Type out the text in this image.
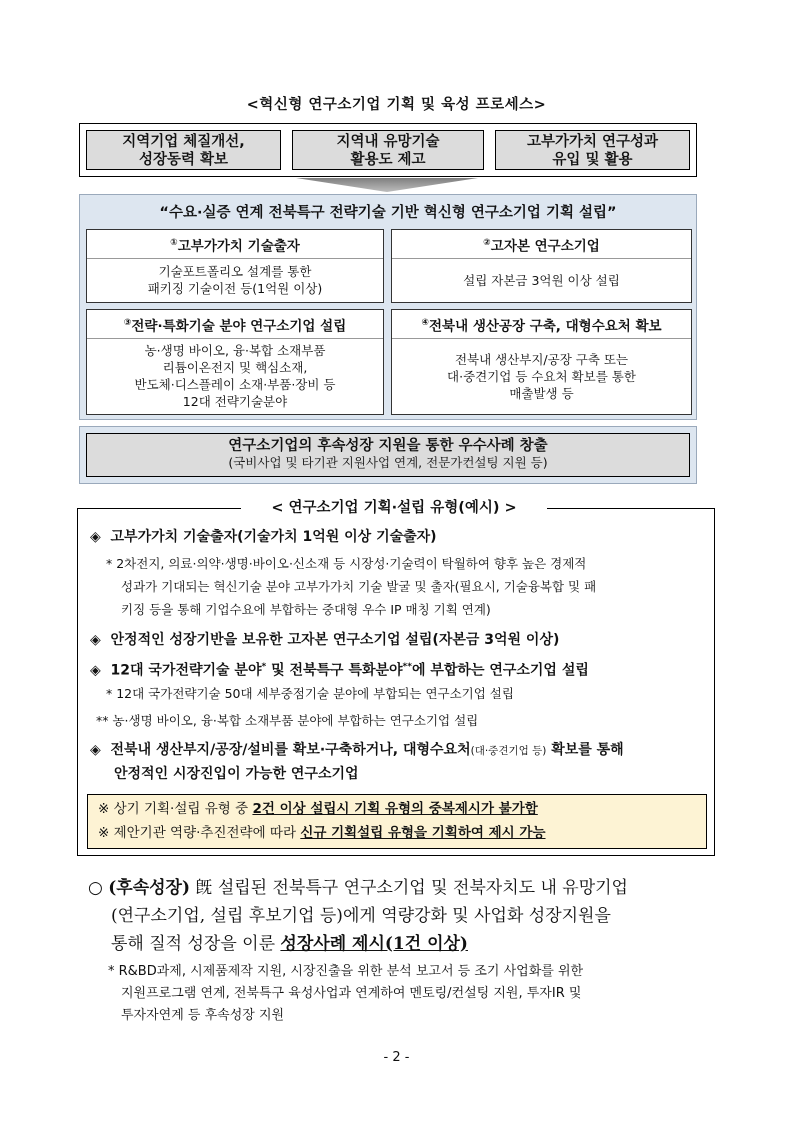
<혁신형 연구소기업 기획 및 육성 프로세스>
지역기업 체질개선,
성장동력 확보
지역내 유망기술
활용도 제고
고부가가치 연구성과
유입 및 활용
“수요·실증 연계 전북특구 전략기술 기반 혁신형 연구소기업 기획 설립”
①고부가가치 기술출자
기술포트폴리오 설계를 통한
패키징 기술이전 등(1억원 이상)
②고자본 연구소기업
설립 자본금 3억원 이상 설립
③전략·특화기술 분야 연구소기업 설립
농·생명 바이오, 융·복합 소재부품
리튬이온전지 및 핵심소재,
반도체·디스플레이 소재·부품·장비 등
12대 전략기술분야
④전북내 생산공장 구축, 대형수요처 확보
전북내 생산부지/공장 구축 또는
대·중견기업 등 수요처 확보를 통한
매출발생 등
연구소기업의 후속성장 지원을 통한 우수사례 창출
(국비사업 및 타기관 지원사업 연계, 전문가컨설팅 지원 등)
< 연구소기업 기획·설립 유형(예시) >
◈ 고부가가치 기술출자(기술가치 1억원 이상 기술출자)
* 2차전지, 의료·의약·생명·바이오·신소재 등 시장성·기술력이 탁월하여 향후 높은 경제적
성과가 기대되는 혁신기술 분야 고부가가치 기술 발굴 및 출자(필요시, 기술융복합 및 패
키징 등을 통해 기업수요에 부합하는 중대형 우수 IP 매칭 기획 연계)
◈ 안정적인 성장기반을 보유한 고자본 연구소기업 설립(자본금 3억원 이상)
◈ 12대 국가전략기술 분야* 및 전북특구 특화분야**에 부합하는 연구소기업 설립
* 12대 국가전략기술 50대 세부중점기술 분야에 부합되는 연구소기업 설립
** 농·생명 바이오, 융·복합 소재부품 분야에 부합하는 연구소기업 설립
◈ 전북내 생산부지/공장/설비를 확보·구축하거나, 대형수요처(대·중견기업 등) 확보를 통해
안정적인 시장진입이 가능한 연구소기업
※ 상기 기획·설립 유형 중 2건 이상 설립시 기획 유형의 중복제시가 불가함
※ 제안기관 역량·추진전략에 따라 신규 기획설립 유형을 기획하여 제시 가능
○ (후속성장) 旣 설립된 전북특구 연구소기업 및 전북자치도 내 유망기업
(연구소기업, 설립 후보기업 등)에게 역량강화 및 사업화 성장지원을
통해 질적 성장을 이룬 성장사례 제시(1건 이상)
* R&BD과제, 시제품제작 지원, 시장진출을 위한 분석 보고서 등 조기 사업화를 위한
지원프로그램 연계, 전북특구 육성사업과 연계하여 멘토링/컨설팅 지원, 투자IR 및
투자자연계 등 후속성장 지원
- 2 -
